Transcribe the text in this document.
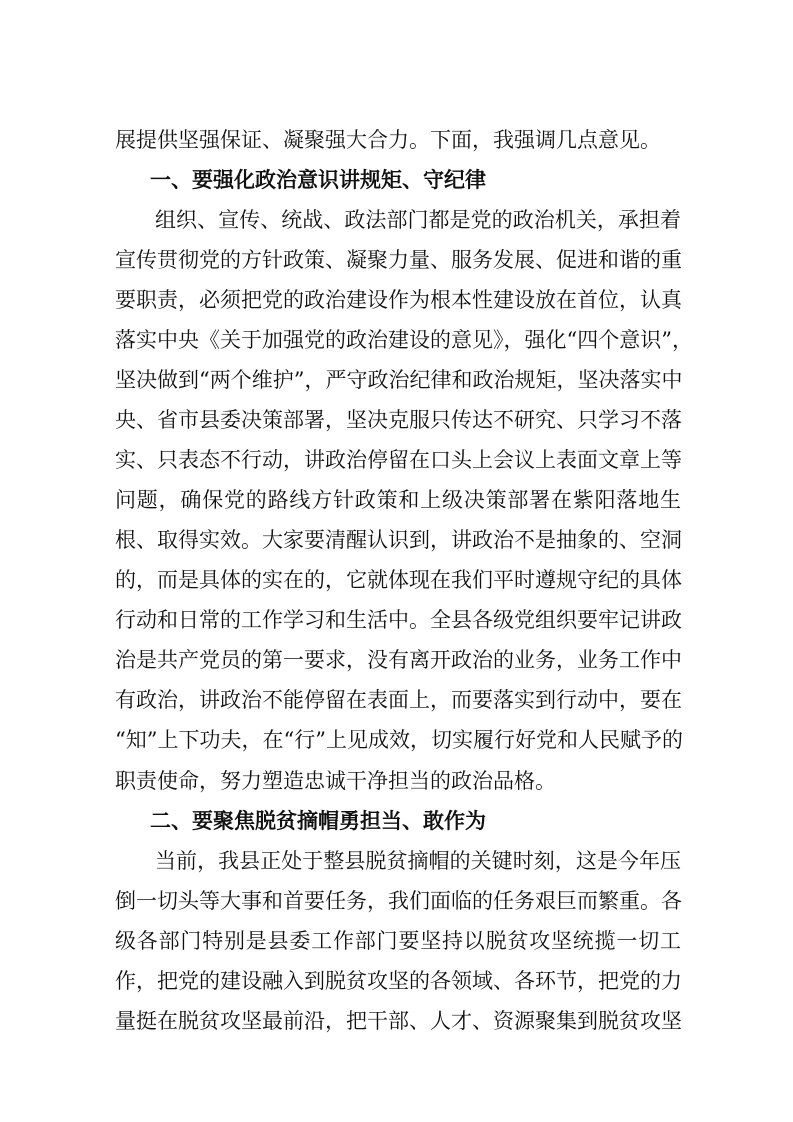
展提供坚强保证、凝聚强大合力。下面，我强调几点意见。
一、要强化政治意识讲规矩、守纪律
组织、宣传、统战、政法部门都是党的政治机关，承担着
宣传贯彻党的方针政策、凝聚力量、服务发展、促进和谐的重
要职责，必须把党的政治建设作为根本性建设放在首位，认真
落实中央《关于加强党的政治建设的意见》，强化“四个意识”，
坚决做到“两个维护”，严守政治纪律和政治规矩，坚决落实中
央、省市县委决策部署，坚决克服只传达不研究、只学习不落
实、只表态不行动，讲政治停留在口头上会议上表面文章上等
问题，确保党的路线方针政策和上级决策部署在紫阳落地生
根、取得实效。大家要清醒认识到，讲政治不是抽象的、空洞
的，而是具体的实在的，它就体现在我们平时遵规守纪的具体
行动和日常的工作学习和生活中。全县各级党组织要牢记讲政
治是共产党员的第一要求，没有离开政治的业务，业务工作中
有政治，讲政治不能停留在表面上，而要落实到行动中，要在
“知”上下功夫，在“行”上见成效，切实履行好党和人民赋予的
职责使命，努力塑造忠诚干净担当的政治品格。
二、要聚焦脱贫摘帽勇担当、敢作为
当前，我县正处于整县脱贫摘帽的关键时刻，这是今年压
倒一切头等大事和首要任务，我们面临的任务艰巨而繁重。各
级各部门特别是县委工作部门要坚持以脱贫攻坚统揽一切工
作，把党的建设融入到脱贫攻坚的各领域、各环节，把党的力
量挺在脱贫攻坚最前沿，把干部、人才、资源聚集到脱贫攻坚
